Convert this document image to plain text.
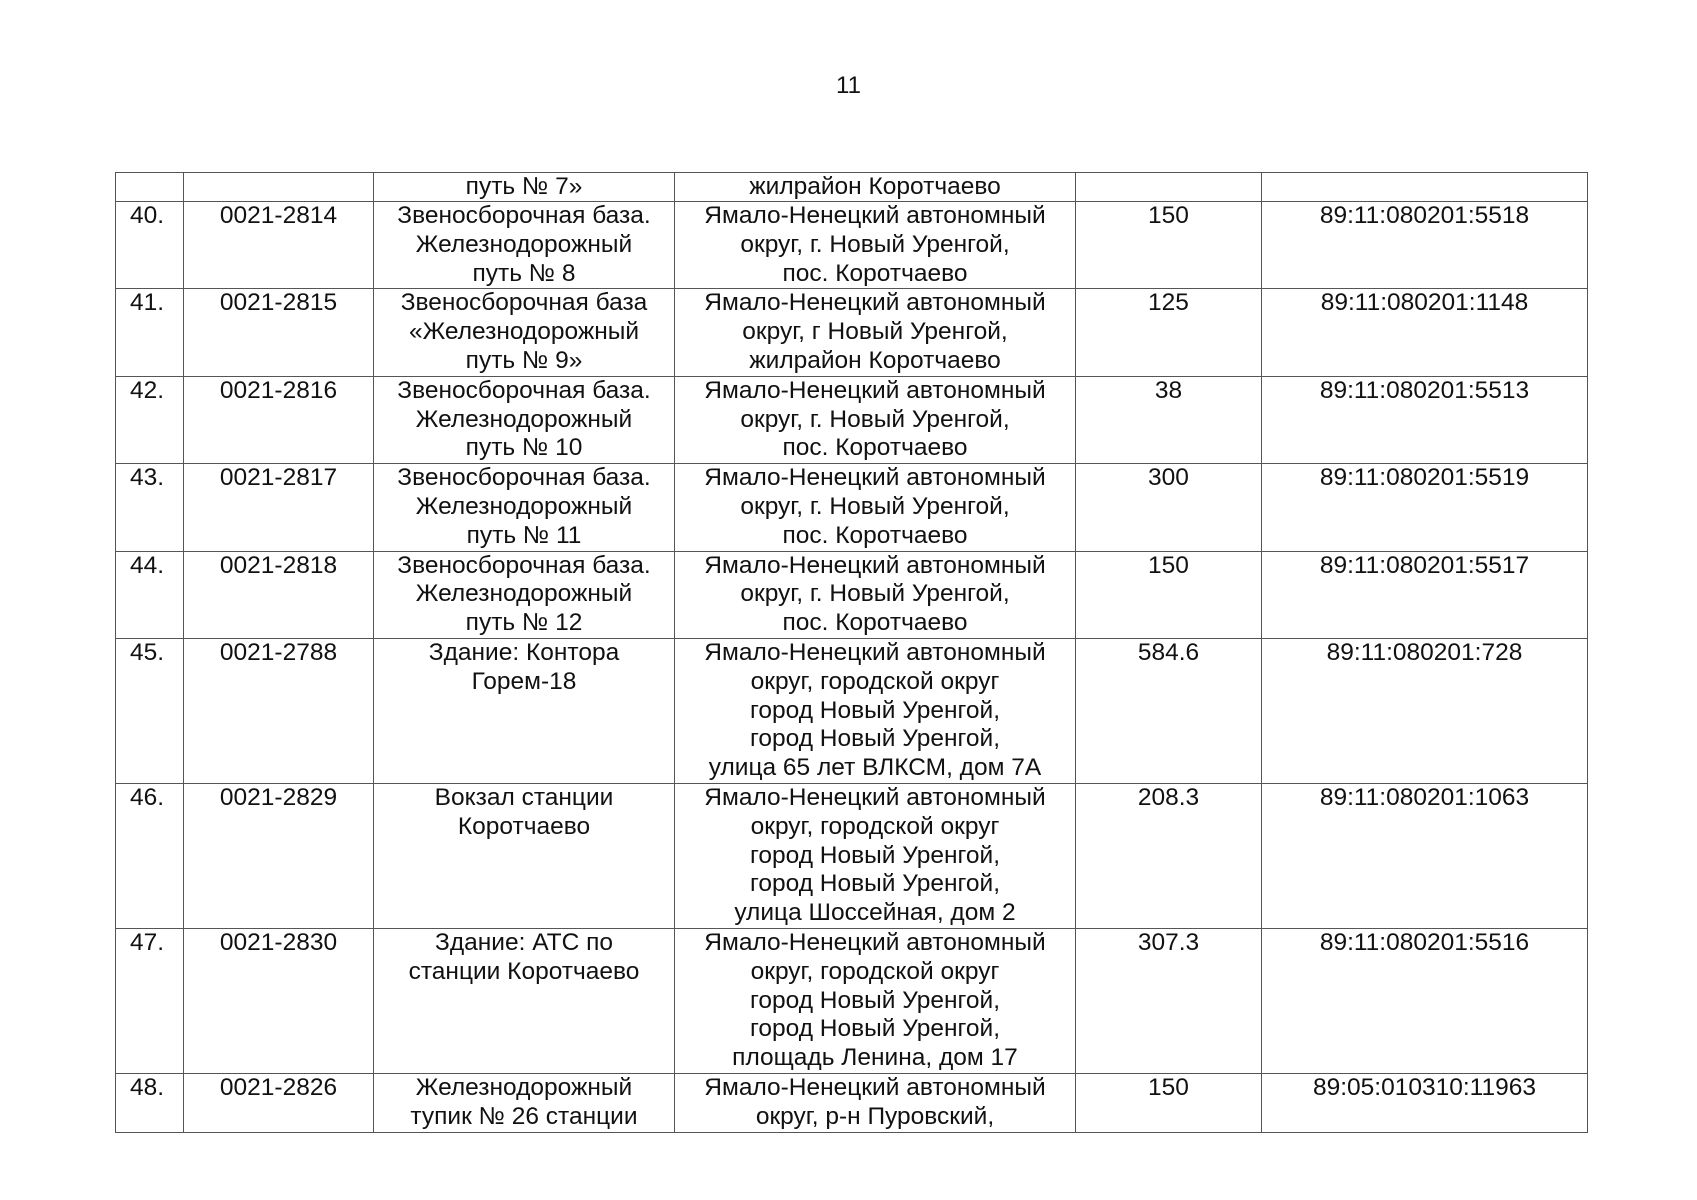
11
		путь № 7»	жилрайон Коротчаево		
40.	0021-2814	Звеносборочная база.
Железнодорожный
путь № 8	Ямало-Ненецкий автономный
округ, г. Новый Уренгой,
пос. Коротчаево	150	89:11:080201:5518
41.	0021-2815	Звеносборочная база
«Железнодорожный
путь № 9»	Ямало-Ненецкий автономный
округ, г Новый Уренгой,
жилрайон Коротчаево	125	89:11:080201:1148
42.	0021-2816	Звеносборочная база.
Железнодорожный
путь № 10	Ямало-Ненецкий автономный
округ, г. Новый Уренгой,
пос. Коротчаево	38	89:11:080201:5513
43.	0021-2817	Звеносборочная база.
Железнодорожный
путь № 11	Ямало-Ненецкий автономный
округ, г. Новый Уренгой,
пос. Коротчаево	300	89:11:080201:5519
44.	0021-2818	Звеносборочная база.
Железнодорожный
путь № 12	Ямало-Ненецкий автономный
округ, г. Новый Уренгой,
пос. Коротчаево	150	89:11:080201:5517
45.	0021-2788	Здание: Контора
Горем-18	Ямало-Ненецкий автономный
округ, городской округ
город Новый Уренгой,
город Новый Уренгой,
улица 65 лет ВЛКСМ, дом 7А	584.6	89:11:080201:728
46.	0021-2829	Вокзал станции
Коротчаево	Ямало-Ненецкий автономный
округ, городской округ
город Новый Уренгой,
город Новый Уренгой,
улица Шоссейная, дом 2	208.3	89:11:080201:1063
47.	0021-2830	Здание: АТС по
станции Коротчаево	Ямало-Ненецкий автономный
округ, городской округ
город Новый Уренгой,
город Новый Уренгой,
площадь Ленина, дом 17	307.3	89:11:080201:5516
48.	0021-2826	Железнодорожный
тупик № 26 станции	Ямало-Ненецкий автономный
округ, р-н Пуровский,	150	89:05:010310:11963
